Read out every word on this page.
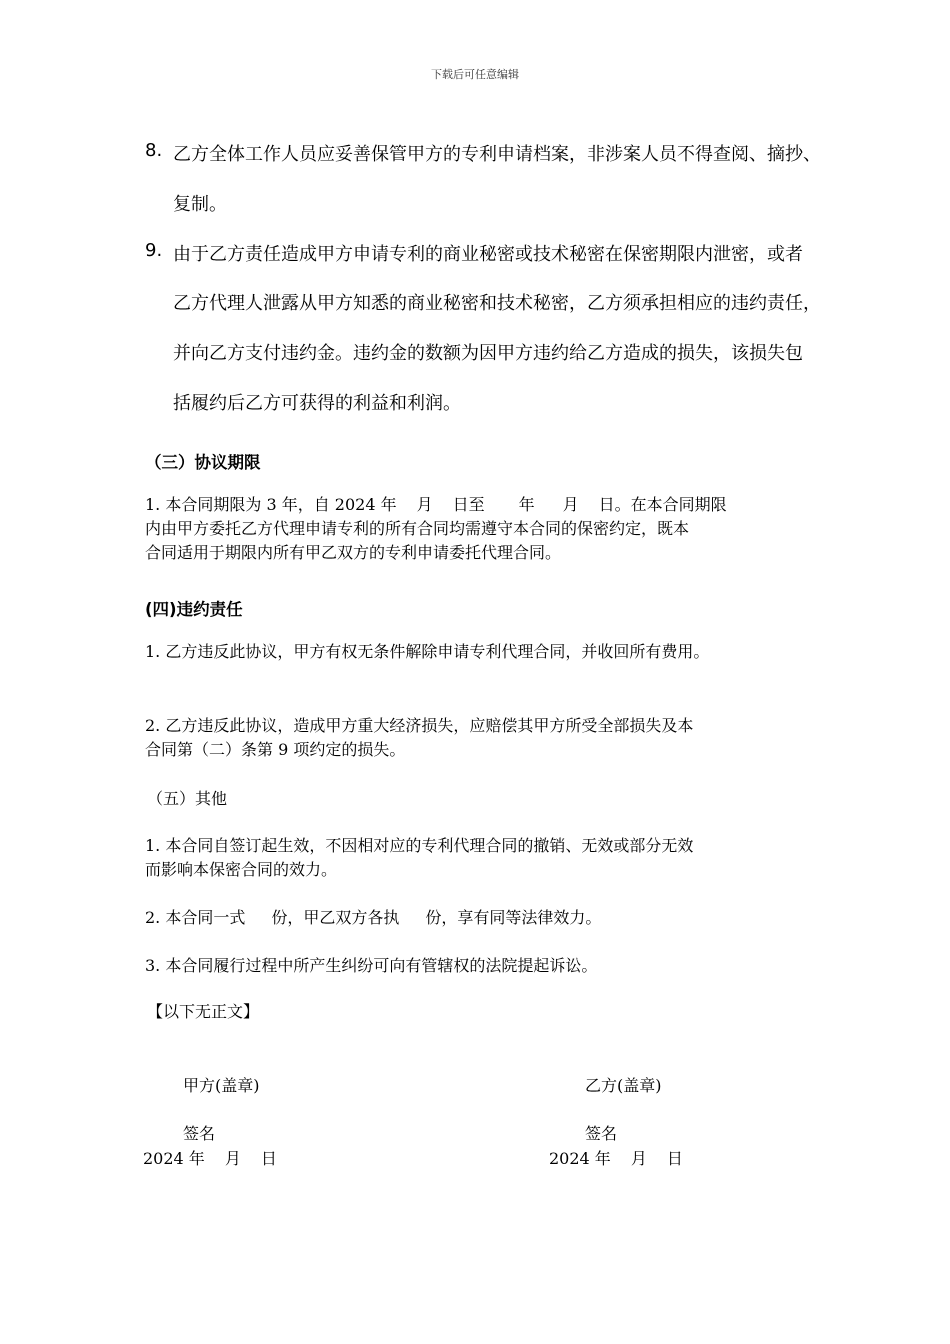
下载后可任意编辑
8. 乙方全体工作人员应妥善保管甲方的专利申请档案，非涉案人员不得查阅、摘抄、
复制。
9. 由于乙方责任造成甲方申请专利的商业秘密或技术秘密在保密期限内泄密，或者
乙方代理人泄露从甲方知悉的商业秘密和技术秘密，乙方须承担相应的违约责任，
并向乙方支付违约金。违约金的数额为因甲方违约给乙方造成的损失，该损失包
括履约后乙方可获得的利益和利润。
（三）协议期限
1. 本合同期限为 3 年，自 2024 年 月 日至 年 月 日。在本合同期限
内由甲方委托乙方代理申请专利的所有合同均需遵守本合同的保密约定，既本
合同适用于期限内所有甲乙双方的专利申请委托代理合同。
(四)违约责任
1. 乙方违反此协议，甲方有权无条件解除申请专利代理合同，并收回所有费用。
2. 乙方违反此协议，造成甲方重大经济损失，应赔偿其甲方所受全部损失及本
合同第（二）条第 9 项约定的损失。
（五）其他
1. 本合同自签订起生效，不因相对应的专利代理合同的撤销、无效或部分无效
而影响本保密合同的效力。
2. 本合同一式 份，甲乙双方各执 份，享有同等法律效力。
3. 本合同履行过程中所产生纠纷可向有管辖权的法院提起诉讼。
【以下无正文】
甲方(盖章)	乙方(盖章)
签名	签名
2024 年 月 日	2024 年 月 日
